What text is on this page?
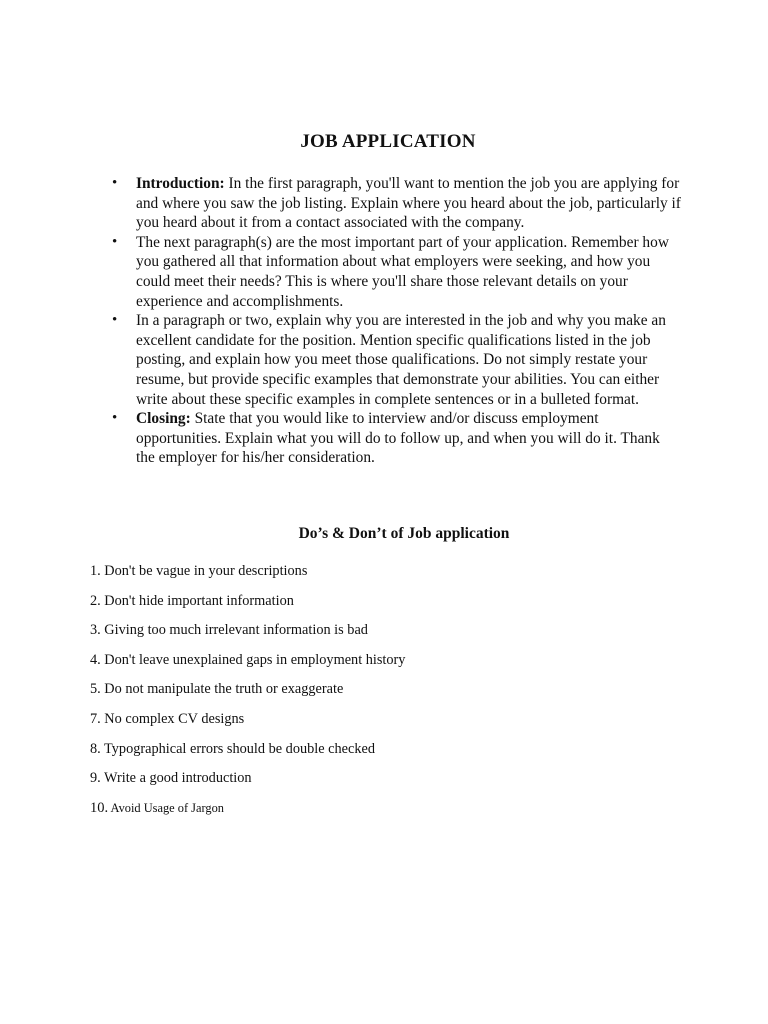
JOB APPLICATION
• Introduction: In the first paragraph, you'll want to mention the job you are applying for and where you saw the job listing. Explain where you heard about the job, particularly if you heard about it from a contact associated with the company.
• The next paragraph(s) are the most important part of your application. Remember how you gathered all that information about what employers were seeking, and how you could meet their needs? This is where you'll share those relevant details on your experience and accomplishments.
• In a paragraph or two, explain why you are interested in the job and why you make an excellent candidate for the position. Mention specific qualifications listed in the job posting, and explain how you meet those qualifications. Do not simply restate your resume, but provide specific examples that demonstrate your abilities. You can either write about these specific examples in complete sentences or in a bulleted format.
• Closing: State that you would like to interview and/or discuss employment opportunities. Explain what you will do to follow up, and when you will do it. Thank the employer for his/her consideration.
Do’s & Don’t of Job application
1. Don't be vague in your descriptions
2. Don't hide important information
3. Giving too much irrelevant information is bad
4. Don't leave unexplained gaps in employment history
5. Do not manipulate the truth or exaggerate
7. No complex CV designs
8. Typographical errors should be double checked
9. Write a good introduction
10. Avoid Usage of Jargon
